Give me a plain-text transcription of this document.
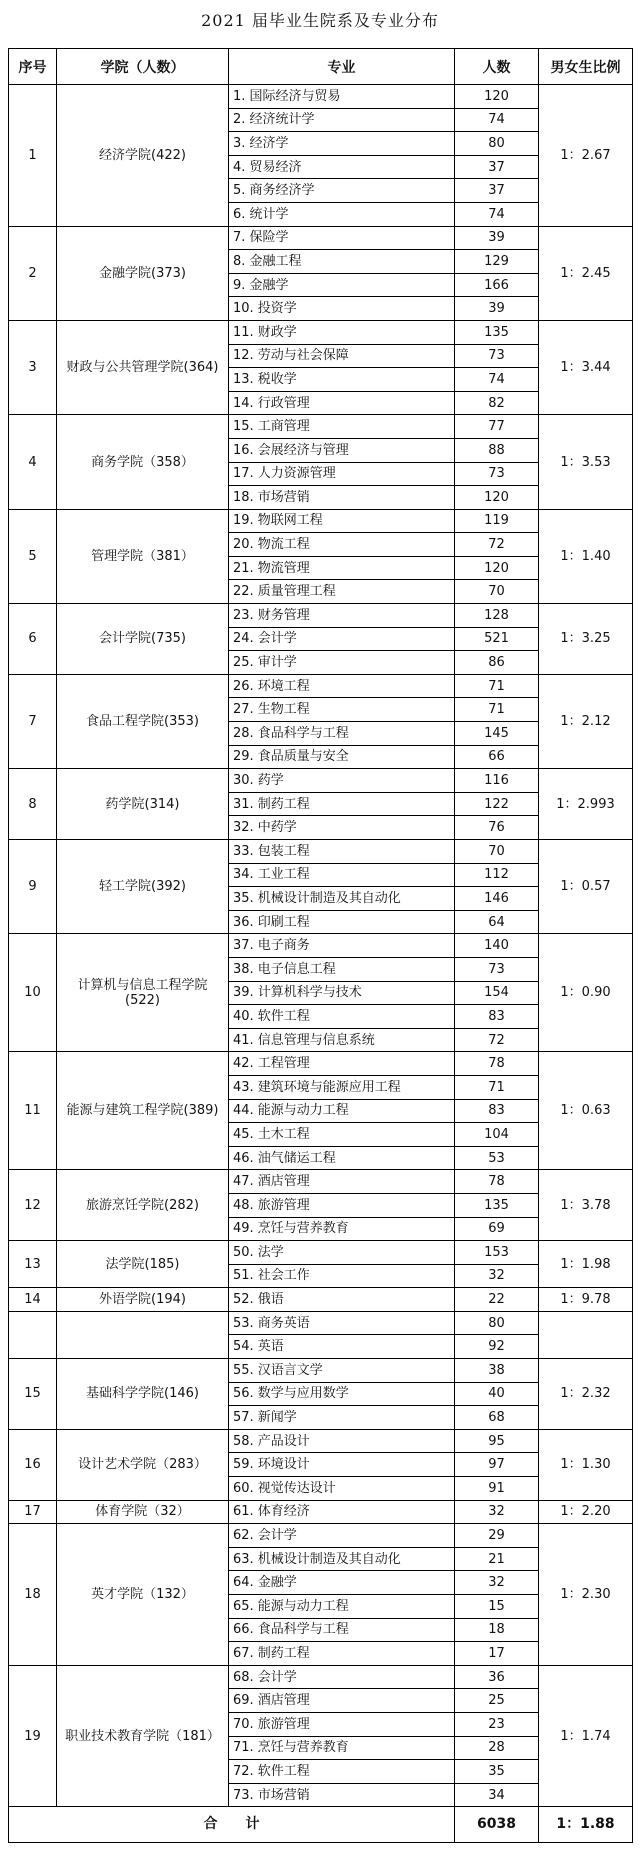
2021 届毕业生院系及专业分布
序号	学院（人数）	专业	人数	男女生比例
1	经济学院(422)	1. 国际经济与贸易	120	1：2.67
		2. 经济统计学	74	
		3. 经济学	80	
		4. 贸易经济	37	
		5. 商务经济学	37	
		6. 统计学	74	
2	金融学院(373)	7. 保险学	39	1：2.45
		8. 金融工程	129	
		9. 金融学	166	
		10. 投资学	39	
3	财政与公共管理学院(364)	11. 财政学	135	1：3.44
		12. 劳动与社会保障	73	
		13. 税收学	74	
		14. 行政管理	82	
4	商务学院（358）	15. 工商管理	77	1：3.53
		16. 会展经济与管理	88	
		17. 人力资源管理	73	
		18. 市场营销	120	
5	管理学院（381）	19. 物联网工程	119	1：1.40
		20. 物流工程	72	
		21. 物流管理	120	
		22. 质量管理工程	70	
6	会计学院(735)	23. 财务管理	128	1：3.25
		24. 会计学	521	
		25. 审计学	86	
7	食品工程学院(353)	26. 环境工程	71	1：2.12
		27. 生物工程	71	
		28. 食品科学与工程	145	
		29. 食品质量与安全	66	
8	药学院(314)	30. 药学	116	1：2.993
		31. 制药工程	122	
		32. 中药学	76	
9	轻工学院(392)	33. 包装工程	70	1：0.57
		34. 工业工程	112	
		35. 机械设计制造及其自动化	146	
		36. 印刷工程	64	
10	计算机与信息工程学院(522)	37. 电子商务	140	1：0.90
		38. 电子信息工程	73	
		39. 计算机科学与技术	154	
		40. 软件工程	83	
		41. 信息管理与信息系统	72	
11	能源与建筑工程学院(389)	42. 工程管理	78	1：0.63
		43. 建筑环境与能源应用工程	71	
		44. 能源与动力工程	83	
		45. 土木工程	104	
		46. 油气储运工程	53	
12	旅游烹饪学院(282)	47. 酒店管理	78	1：3.78
		48. 旅游管理	135	
		49. 烹饪与营养教育	69	
13	法学院(185)	50. 法学	153	1：1.98
		51. 社会工作	32	
14	外语学院(194)	52. 俄语	22	1：9.78
		53. 商务英语	80	
		54. 英语	92	
15	基础科学学院(146)	55. 汉语言文学	38	1：2.32
		56. 数学与应用数学	40	
		57. 新闻学	68	
16	设计艺术学院（283）	58. 产品设计	95	1：1.30
		59. 环境设计	97	
		60. 视觉传达设计	91	
17	体育学院（32）	61. 体育经济	32	1：2.20
18	英才学院（132）	62. 会计学	29	1：2.30
		63. 机械设计制造及其自动化	21	
		64. 金融学	32	
		65. 能源与动力工程	15	
		66. 食品科学与工程	18	
		67. 制药工程	17	
19	职业技术教育学院（181）	68. 会计学	36	1：1.74
		69. 酒店管理	25	
		70. 旅游管理	23	
		71. 烹饪与营养教育	28	
		72. 软件工程	35	
		73. 市场营销	34	
合　　计			6038	1：1.88
